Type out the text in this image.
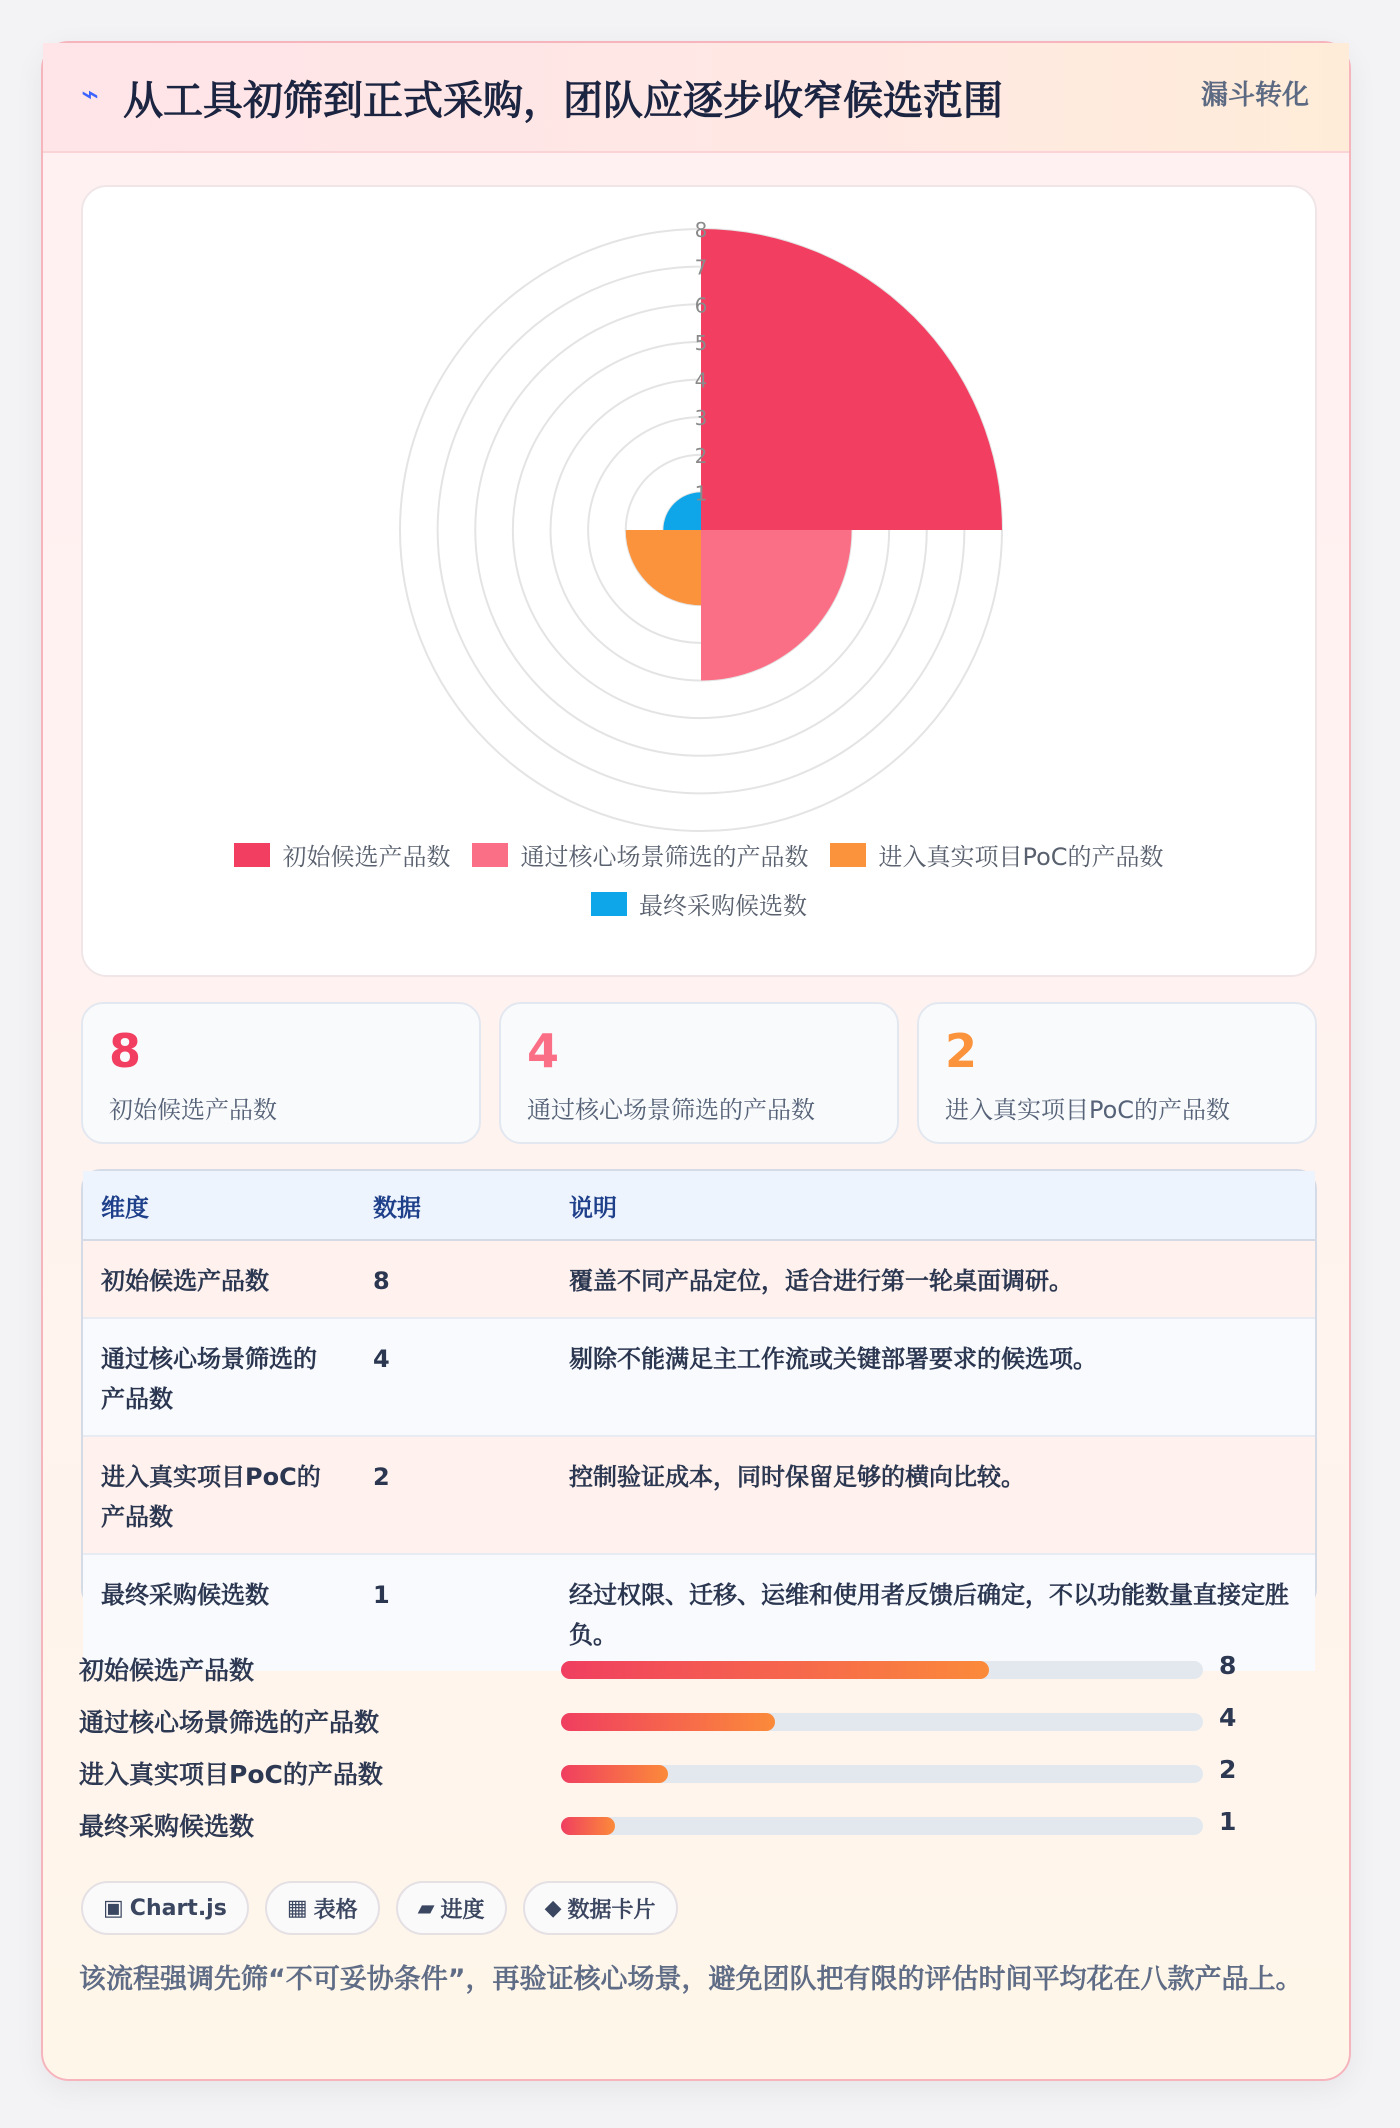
⌁ 从工具初筛到正式采购，团队应逐步收窄候选范围	漏斗转化
1
2
3
4
5
6
7
8
初始候选产品数	通过核心场景筛选的产品数	进入真实项目PoC的产品数
最终采购候选数
8
初始候选产品数
4
通过核心场景筛选的产品数
2
进入真实项目PoC的产品数
维度	数据	说明
初始候选产品数	8	覆盖不同产品定位，适合进行第一轮桌面调研。
通过核心场景筛选的产品数	4	剔除不能满足主工作流或关键部署要求的候选项。
进入真实项目PoC的产品数	2	控制验证成本，同时保留足够的横向比较。
最终采购候选数	1	经过权限、迁移、运维和使用者反馈后确定，不以功能数量直接定胜负。
初始候选产品数	8
通过核心场景筛选的产品数	4
进入真实项目PoC的产品数	2
最终采购候选数	1
▣ Chart.js	▦ 表格	▰ 进度	◆ 数据卡片
该流程强调先筛“不可妥协条件”，再验证核心场景，避免团队把有限的评估时间平均花在八款产品上。
